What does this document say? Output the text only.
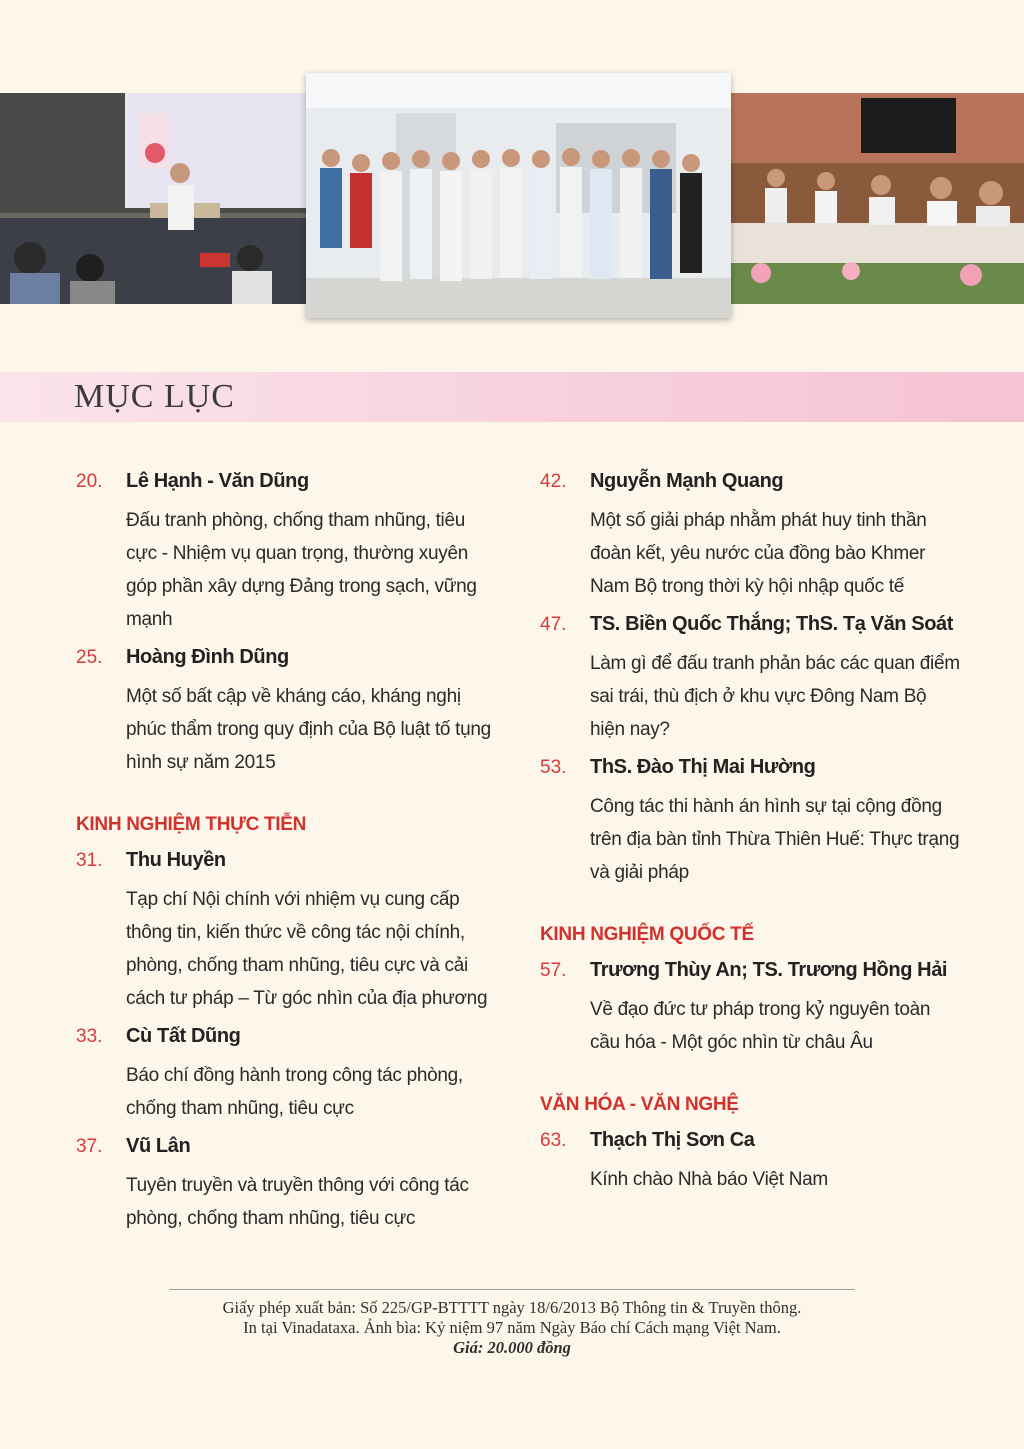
MỤC LỤC
20.	Lê Hạnh - Văn Dũng
Đấu tranh phòng, chống tham nhũng, tiêu cực - Nhiệm vụ quan trọng, thường xuyên góp phần xây dựng Đảng trong sạch, vững mạnh
25.	Hoàng Đình Dũng
Một số bất cập về kháng cáo, kháng nghị phúc thẩm trong quy định của Bộ luật tố tụng hình sự năm 2015
KINH NGHIỆM THỰC TIỄN
31.	Thu Huyền
Tạp chí Nội chính với nhiệm vụ cung cấp thông tin, kiến thức về công tác nội chính, phòng, chống tham nhũng, tiêu cực và cải cách tư pháp – Từ góc nhìn của địa phương
33.	Cù Tất Dũng
Báo chí đồng hành trong công tác phòng, chống tham nhũng, tiêu cực
37.	Vũ Lân
Tuyên truyền và truyền thông với công tác phòng, chống tham nhũng, tiêu cực
42.	Nguyễn Mạnh Quang
Một số giải pháp nhằm phát huy tinh thần đoàn kết, yêu nước của đồng bào Khmer Nam Bộ trong thời kỳ hội nhập quốc tế
47.	TS. Biền Quốc Thắng; ThS. Tạ Văn Soát
Làm gì để đấu tranh phản bác các quan điểm sai trái, thù địch ở khu vực Đông Nam Bộ hiện nay?
53.	ThS. Đào Thị Mai Hường
Công tác thi hành án hình sự tại cộng đồng trên địa bàn tỉnh Thừa Thiên Huế: Thực trạng và giải pháp
KINH NGHIỆM QUỐC TẾ
57.	Trương Thùy An; TS. Trương Hồng Hải
Về đạo đức tư pháp trong kỷ nguyên toàn cầu hóa - Một góc nhìn từ châu Âu
VĂN HÓA - VĂN NGHỆ
63.	Thạch Thị Sơn Ca
Kính chào Nhà báo Việt Nam
Giấy phép xuất bản: Số 225/GP-BTTTT ngày 18/6/2013 Bộ Thông tin & Truyền thông.
In tại Vinadataxa. Ảnh bìa: Kỷ niệm 97 năm Ngày Báo chí Cách mạng Việt Nam.
Giá: 20.000 đồng
